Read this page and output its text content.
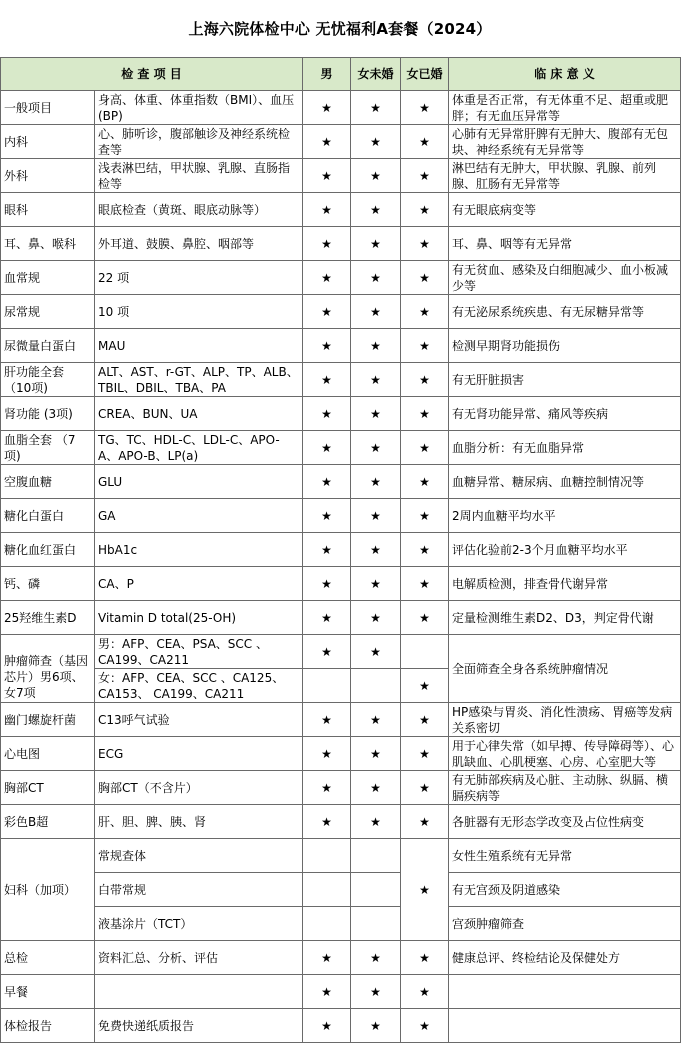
上海六院体检中心 无忧福利A套餐（2024）
检 查 项 目		男	女未婚	女已婚	临 床 意 义

一般项目	身高、体重、体重指数（BMI）、血压(BP)	★	★	★	体重是否正常，有无体重不足、超重或肥胖；有无血压异常等

内科	心、肺听诊，腹部触诊及神经系统检查等	★	★	★	心肺有无异常肝脾有无肿大、腹部有无包块、神经系统有无异常等

外科	浅表淋巴结，甲状腺、乳腺、直肠指检等	★	★	★	淋巴结有无肿大，甲状腺、乳腺、前列腺、肛肠有无异常等

眼科	眼底检查（黄斑、眼底动脉等）	★	★	★	有无眼底病变等

耳、鼻、喉科	外耳道、鼓膜、鼻腔、咽部等	★	★	★	耳、鼻、咽等有无异常

血常规	22 项	★	★	★	有无贫血、感染及白细胞减少、血小板减少等

尿常规	10 项	★	★	★	有无泌尿系统疾患、有无尿糖异常等

尿微量白蛋白	MAU	★	★	★	检测早期肾功能损伤

肝功能全套（10项)	ALT、AST、r-GT、ALP、TP、ALB、TBIL、DBIL、TBA、PA	★	★	★	有无肝脏损害

肾功能 (3项)	CREA、BUN、UA	★	★	★	有无肾功能异常、痛风等疾病

血脂全套 （7项)	TG、TC、HDL-C、LDL-C、APO-A、APO-B、LP(a)	★	★	★	血脂分析：有无血脂异常

空腹血糖	GLU	★	★	★	血糖异常、糖尿病、血糖控制情况等

糖化白蛋白	GA	★	★	★	2周内血糖平均水平

糖化血红蛋白	HbA1c	★	★	★	评估化验前2-3个月血糖平均水平

钙、磷	CA、P	★	★	★	电解质检测，排查骨代谢异常

25羟维生素D	Vitamin D total(25-OH)	★	★	★	定量检测维生素D2、D3，判定骨代谢

肿瘤筛查（基因芯片）男6项、女7项	男：AFP、CEA、PSA、SCC 、CA199、CA211	★	★		全面筛查全身各系统肿瘤情况

	女：AFP、CEA、SCC 、CA125、CA153、 CA199、CA211			★	

幽门螺旋杆菌	C13呼气试验	★	★	★	HP感染与胃炎、消化性溃疡、胃癌等发病关系密切

心电图	ECG	★	★	★	用于心律失常（如早搏、传导障碍等）、心肌缺血、心肌梗塞、心房、心室肥大等

胸部CT	胸部CT（不含片）	★	★	★	有无肺部疾病及心脏、主动脉、纵膈、横膈疾病等

彩色B超	肝、胆、脾、胰、肾	★	★	★	各脏器有无形态学改变及占位性病变

妇科（加项）	常规查体			★	女性生殖系统有无异常

	白带常规				有无宫颈及阴道感染

	液基涂片（TCT）				宫颈肿瘤筛查

总检	资料汇总、分析、评估	★	★	★	健康总评、终检结论及保健处方

早餐		★	★	★	

体检报告	免费快递纸质报告	★	★	★	
